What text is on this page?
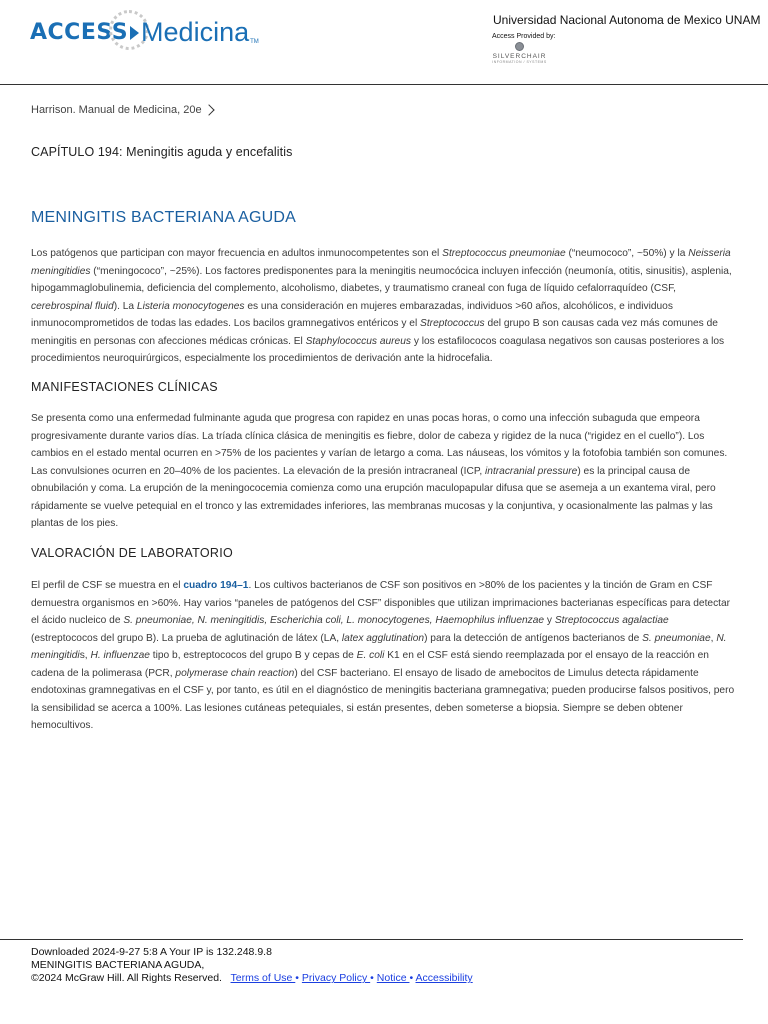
ACCESS Medicina TM
Universidad Nacional Autonoma de Mexico UNAM
Access Provided by:
SILVERCHAIR
INFORMATION / SYSTEMS
Harrison. Manual de Medicina, 20e
CAPÍTULO 194: Meningitis aguda y encefalitis
MENINGITIS BACTERIANA AGUDA
Los patógenos que participan con mayor frecuencia en adultos inmunocompetentes son el Streptococcus pneumoniae (“neumococo”, ~50%) y la Neisseria meningitidies (“meningococo”, ~25%). Los factores predisponentes para la meningitis neumocócica incluyen infección (neumonía, otitis, sinusitis), asplenia, hipogammaglobulinemia, deficiencia del complemento, alcoholismo, diabetes, y traumatismo craneal con fuga de líquido cefalorraquídeo (CSF, cerebrospinal fluid). La Listeria monocytogenes es una consideración en mujeres embarazadas, individuos >60 años, alcohólicos, e individuos inmunocomprometidos de todas las edades. Los bacilos gramnegativos entéricos y el Streptococcus del grupo B son causas cada vez más comunes de meningitis en personas con afecciones médicas crónicas. El Staphylococcus aureus y los estafilococos coagulasa negativos son causas posteriores a los procedimientos neuroquirúrgicos, especialmente los procedimientos de derivación ante la hidrocefalia.
MANIFESTACIONES CLÍNICAS
Se presenta como una enfermedad fulminante aguda que progresa con rapidez en unas pocas horas, o como una infección subaguda que empeora progresivamente durante varios días. La tríada clínica clásica de meningitis es fiebre, dolor de cabeza y rigidez de la nuca (“rigidez en el cuello”). Los cambios en el estado mental ocurren en >75% de los pacientes y varían de letargo a coma. Las náuseas, los vómitos y la fotofobia también son comunes. Las convulsiones ocurren en 20–40% de los pacientes. La elevación de la presión intracraneal (ICP, intracranial pressure) es la principal causa de obnubilación y coma. La erupción de la meningococemia comienza como una erupción maculopapular difusa que se asemeja a un exantema viral, pero rápidamente se vuelve petequial en el tronco y las extremidades inferiores, las membranas mucosas y la conjuntiva, y ocasionalmente las palmas y las plantas de los pies.
VALORACIÓN DE LABORATORIO
El perfil de CSF se muestra en el cuadro 194–1. Los cultivos bacterianos de CSF son positivos en >80% de los pacientes y la tinción de Gram en CSF demuestra organismos en >60%. Hay varios “paneles de patógenos del CSF” disponibles que utilizan imprimaciones bacterianas específicas para detectar el ácido nucleico de S. pneumoniae, N. meningitidis, Escherichia coli, L. monocytogenes, Haemophilus influenzae y Streptococcus agalactiae (estreptococos del grupo B). La prueba de aglutinación de látex (LA, latex agglutination) para la detección de antígenos bacterianos de S. pneumoniae, N. meningitidis, H. influenzae tipo b, estreptococos del grupo B y cepas de E. coli K1 en el CSF está siendo reemplazada por el ensayo de la reacción en cadena de la polimerasa (PCR, polymerase chain reaction) del CSF bacteriano. El ensayo de lisado de amebocitos de Limulus detecta rápidamente endotoxinas gramnegativas en el CSF y, por tanto, es útil en el diagnóstico de meningitis bacteriana gramnegativa; pueden producirse falsos positivos, pero la sensibilidad se acerca a 100%. Las lesiones cutáneas petequiales, si están presentes, deben someterse a biopsia. Siempre se deben obtener hemocultivos.
Downloaded 2024-9-27 5:8 A Your IP is 132.248.9.8
MENINGITIS BACTERIANA AGUDA,
©2024 McGraw Hill. All Rights Reserved. Terms of Use • Privacy Policy • Notice • Accessibility
